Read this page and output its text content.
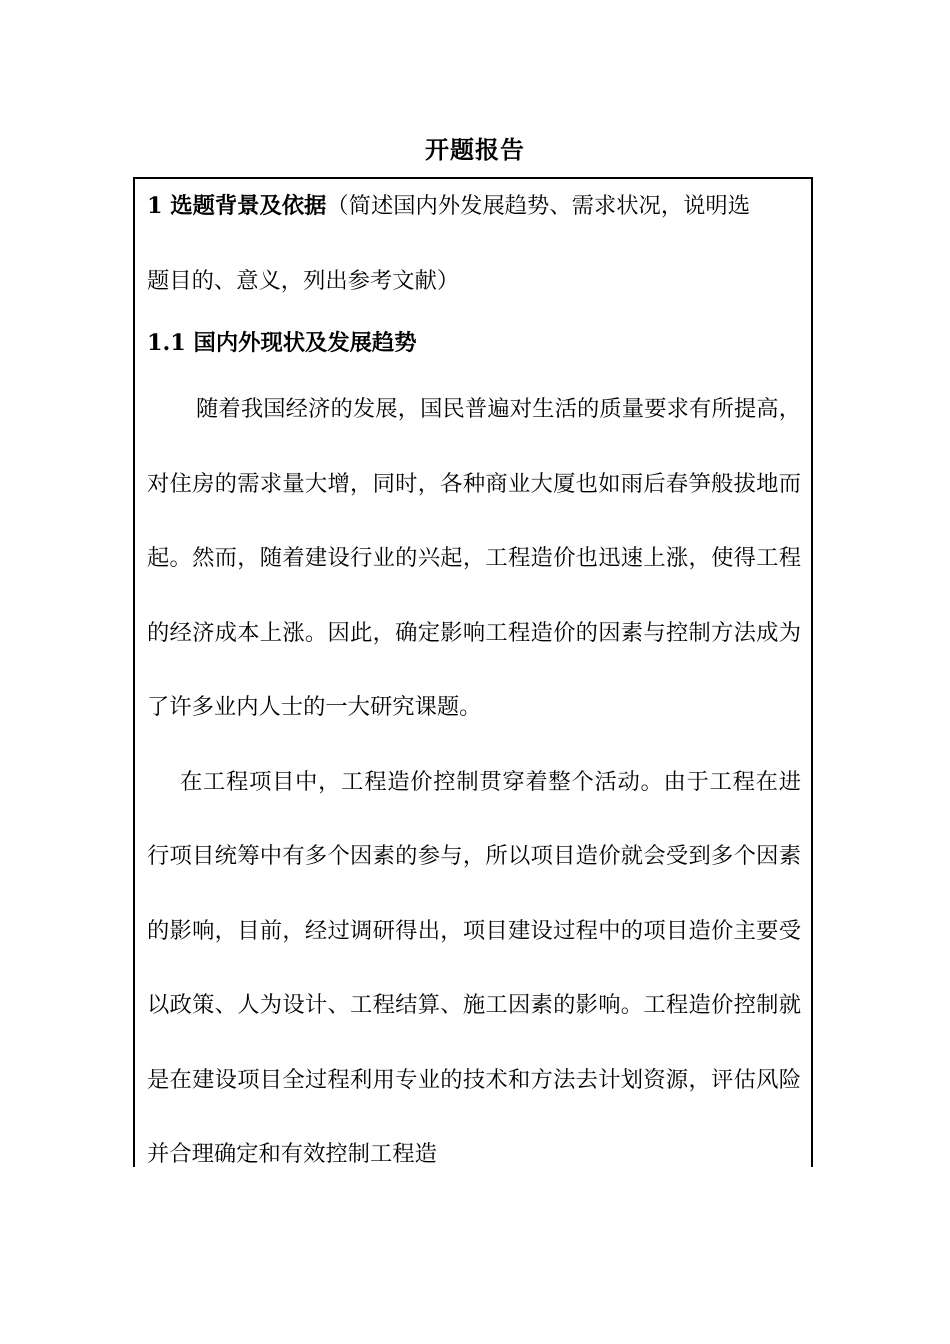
开题报告
1 选题背景及依据（简述国内外发展趋势、需求状况，说明选
题目的、意义，列出参考文献）
1.1 国内外现状及发展趋势
随着我国经济的发展，国民普遍对生活的质量要求有所提高，对住房的需求量大增，同时，各种商业大厦也如雨后春笋般拔地而起。然而，随着建设行业的兴起，工程造价也迅速上涨，使得工程的经济成本上涨。因此，确定影响工程造价的因素与控制方法成为了许多业内人士的一大研究课题。
在工程项目中，工程造价控制贯穿着整个活动。由于工程在进行项目统筹中有多个因素的参与，所以项目造价就会受到多个因素的影响，目前，经过调研得出，项目建设过程中的项目造价主要受以政策、人为设计、工程结算、施工因素的影响。工程造价控制就是在建设项目全过程利用专业的技术和方法去计划资源，评估风险并合理确定和有效控制工程造
